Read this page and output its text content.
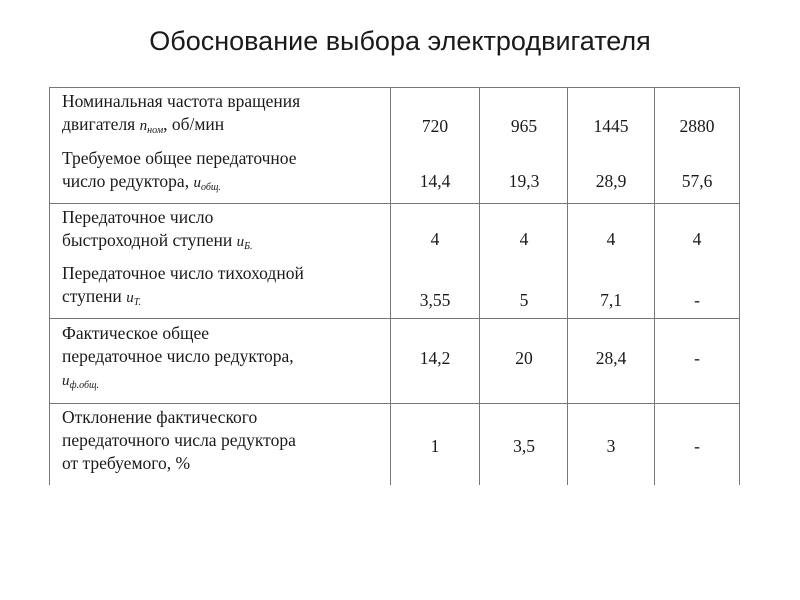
Обоснование выбора электродвигателя
Номинальная частота вращения
двигателя $n_{ном}$, об/мин	720	965	1445	2880
Требуемое общее передаточное
число редуктора, $u_{общ.}$	14,4	19,3	28,9	57,6
Передаточное число
быстроходной ступени $u_{Б.}$	4	4	4	4
Передаточное число тихоходной
ступени $u_{Т.}$	3,55	5	7,1	-
Фактическое общее
передаточное число редуктора,
$u_{ф.общ.}$
14,2	20	28,4	-
Отклонение фактического
передаточного числа редуктора
от требуемого, %
1	3,5	3	-
